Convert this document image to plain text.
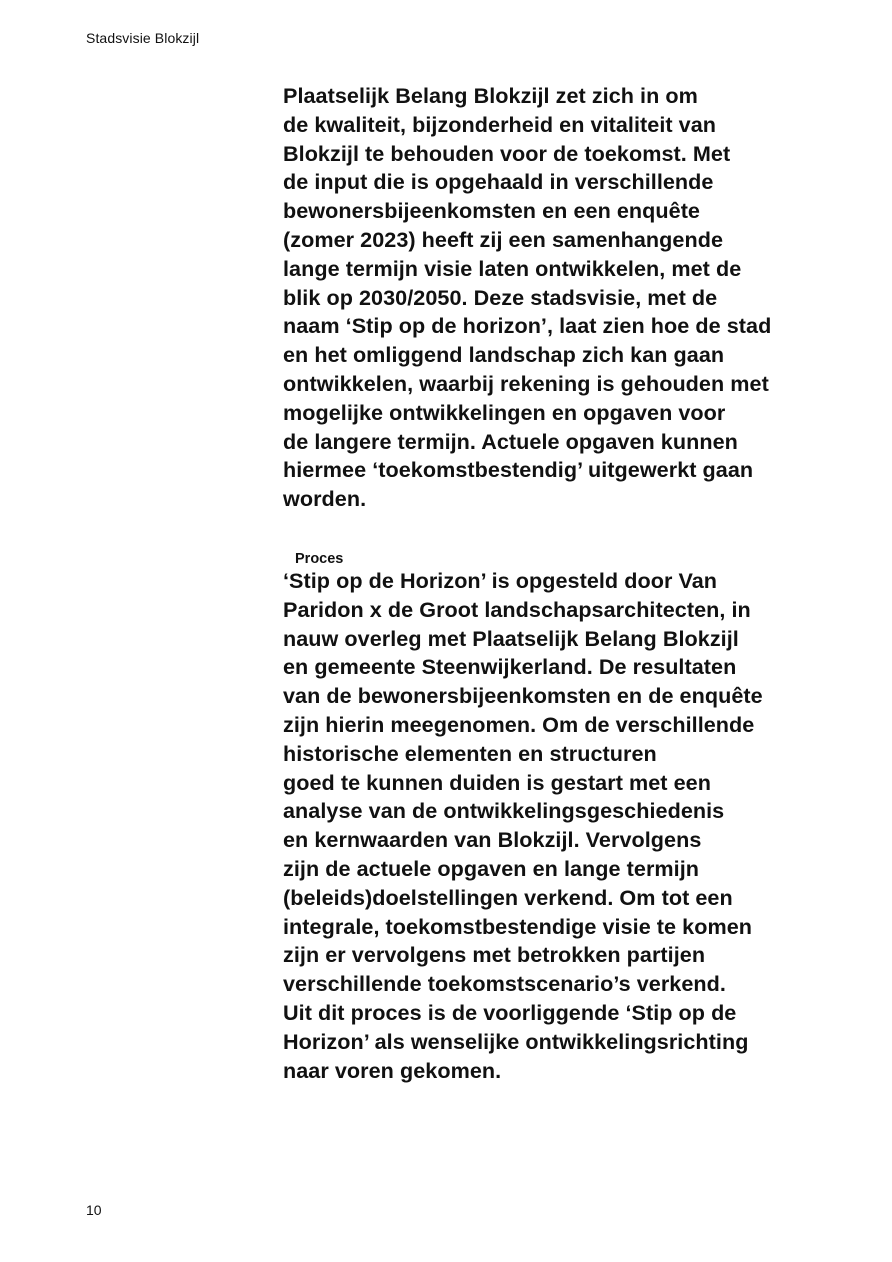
Stadsvisie Blokzijl
Plaatselijk Belang Blokzijl zet zich in om
de kwaliteit, bijzonderheid en vitaliteit van
Blokzijl te behouden voor de toekomst. Met
de input die is opgehaald in verschillende
bewonersbijeenkomsten en een enquête
(zomer 2023) heeft zij een samenhangende
lange termijn visie laten ontwikkelen, met de
blik op 2030/2050. Deze stadsvisie, met de
naam ‘Stip op de horizon’, laat zien hoe de stad
en het omliggend landschap zich kan gaan
ontwikkelen, waarbij rekening is gehouden met
mogelijke ontwikkelingen en opgaven voor
de langere termijn. Actuele opgaven kunnen
hiermee ‘toekomstbestendig’ uitgewerkt gaan
worden.
Proces
‘Stip op de Horizon’ is opgesteld door Van
Paridon x de Groot landschapsarchitecten, in
nauw overleg met Plaatselijk Belang Blokzijl
en gemeente Steenwijkerland. De resultaten
van de bewonersbijeenkomsten en de enquête
zijn hierin meegenomen. Om de verschillende
historische elementen en structuren
goed te kunnen duiden is gestart met een
analyse van de ontwikkelingsgeschiedenis
en kernwaarden van Blokzijl. Vervolgens
zijn de actuele opgaven en lange termijn
(beleids)doelstellingen verkend. Om tot een
integrale, toekomstbestendige visie te komen
zijn er vervolgens met betrokken partijen
verschillende toekomstscenario’s verkend.
Uit dit proces is de voorliggende ‘Stip op de
Horizon’ als wenselijke ontwikkelingsrichting
naar voren gekomen.
10
